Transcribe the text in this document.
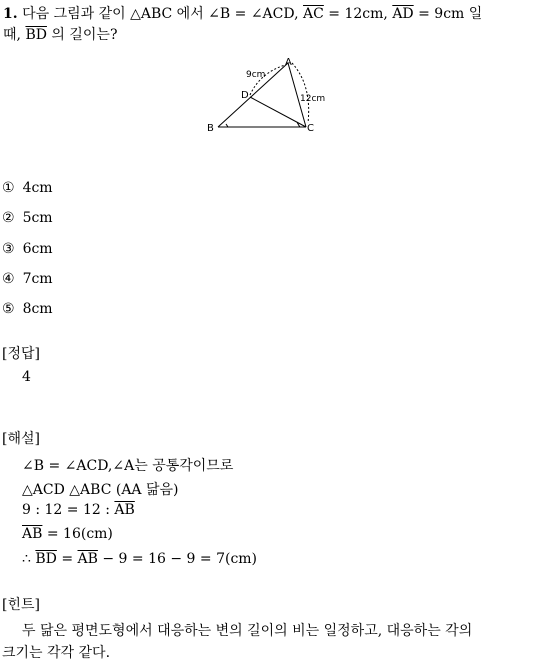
1. 다음 그림과 같이 △ABC 에서 ∠B = ∠ACD, $\overline{AC} = 12cm$, $\overline{AD} = 9cm$ 일
때, $\overline{BD}$ 의 길이는?
A
B	C
D
9cm
12cm
① 4cm
② 5cm
③ 6cm
④ 7cm
⑤ 8cm
[정답]
4
[해설]
∠B = ∠ACD,∠A는 공통각이므로
△ACD △ABC (AA 닮음)
9 : 12 = 12 : $\overline{AB}$
$\overline{AB} = 16(cm)$
∴ $\overline{BD} = \overline{AB} - 9 = 16 - 9 = 7(cm)$
[힌트]
두 닮은 평면도형에서 대응하는 변의 길이의 비는 일정하고, 대응하는 각의
크기는 각각 같다.
